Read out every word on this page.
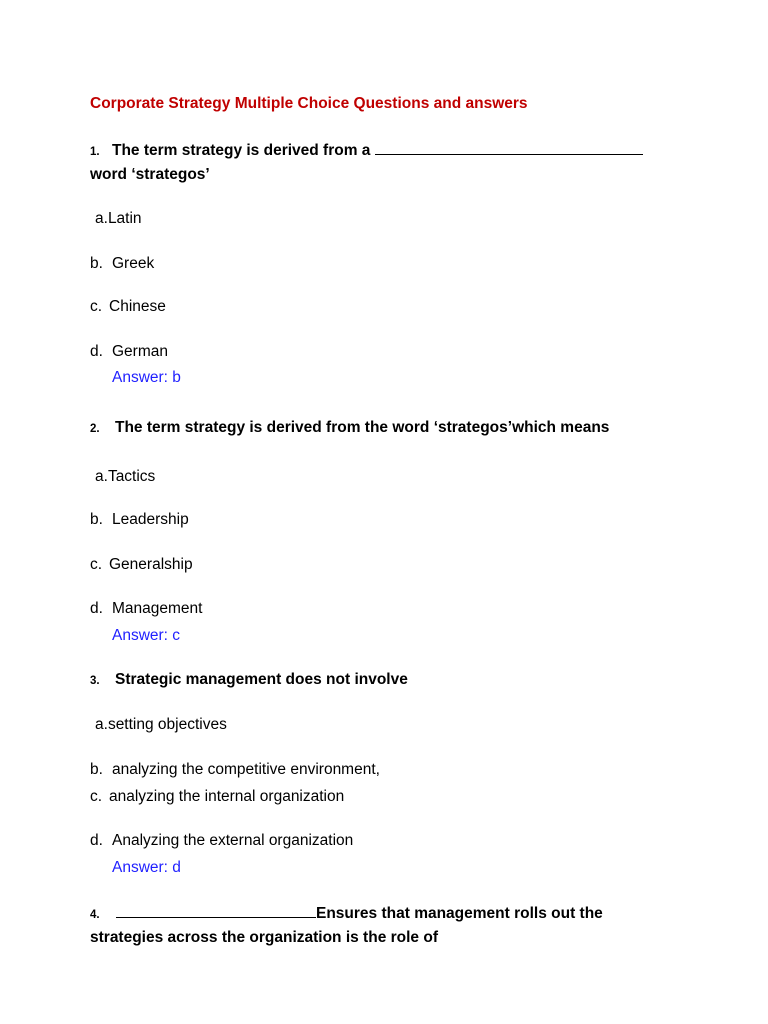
Corporate Strategy Multiple Choice Questions and answers
1. The term strategy is derived from a
word ‘strategos’
a.Latin
b. Greek
c. Chinese
d. German
Answer: b
2. The term strategy is derived from the word ‘strategos’which means
a.Tactics
b. Leadership
c. Generalship
d. Management
Answer: c
3. Strategic management does not involve
a.setting objectives
b. analyzing the competitive environment,
c. analyzing the internal organization
d. Analyzing the external organization
Answer: d
4.	Ensures that management rolls out the
strategies across the organization is the role of
